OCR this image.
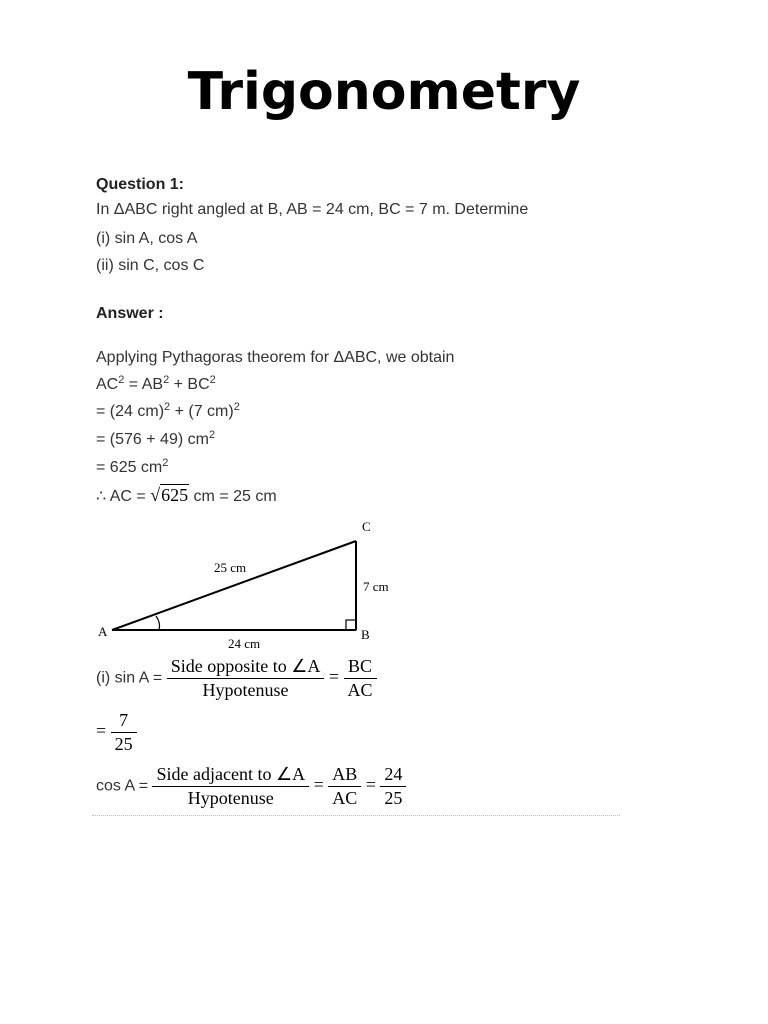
Trigonometry
Question 1:
In ΔABC right angled at B, AB = 24 cm, BC = 7 m. Determine
(i) sin A, cos A
(ii) sin C, cos C
Answer :
Applying Pythagoras theorem for ΔABC, we obtain
$AC^2 = AB^2 + BC^2$
= (24 cm)$^2$ + (7 cm)$^2$
= (576 + 49) $cm^2$
= 625 $cm^2$
∴ AC = √625 cm = 25 cm
A	B
C
25 cm
24 cm
7 cm
(i) $\sin A = \frac{\text{Side opposite to ∠A}}{\text{Hypotenuse}} = \frac{BC}{AC}$
= $\frac{7}{25}$
$\cos A = \frac{\text{Side adjacent to ∠A}}{\text{Hypotenuse}} = \frac{AB}{AC} = \frac{24}{25}$
